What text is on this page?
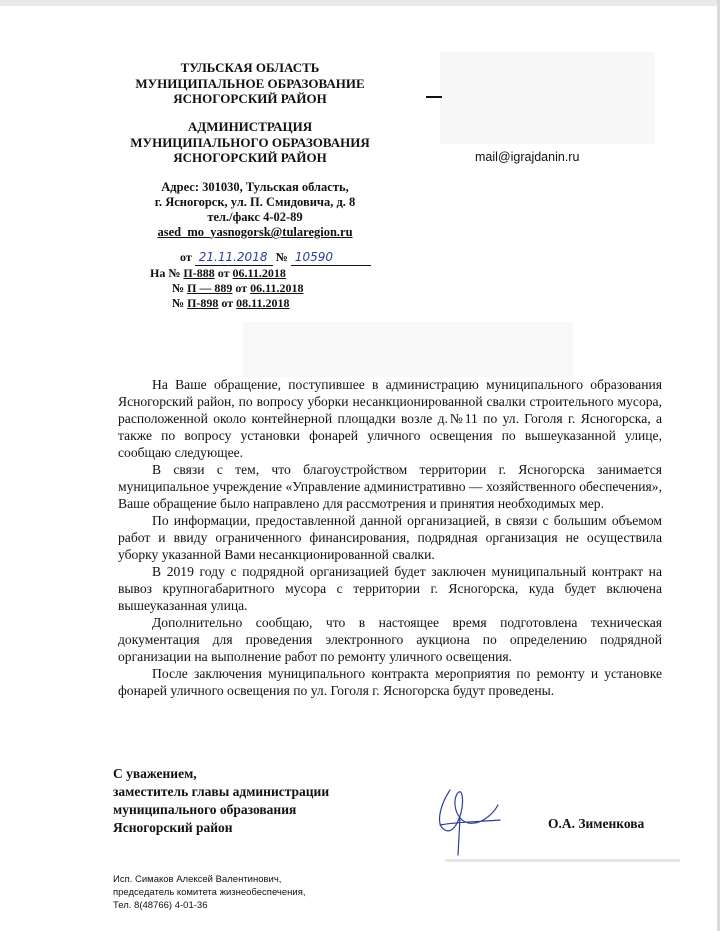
ТУЛЬСКАЯ ОБЛАСТЬ
МУНИЦИПАЛЬНОЕ ОБРАЗОВАНИЕ
ЯСНОГОРСКИЙ РАЙОН
АДМИНИСТРАЦИЯ
МУНИЦИПАЛЬНОГО ОБРАЗОВАНИЯ
ЯСНОГОРСКИЙ РАЙОН	mail@igrajdanin.ru
Адрес: 301030, Тульская область,
г. Ясногорск, ул. П. Смидовича, д. 8
тел./факс 4-02-89
ased_mo_yasnogorsk@tularegion.ru
от 21.11.2018 № 10590
На № П-888 от 06.11.2018
№ П — 889 от 06.11.2018
№ П-898 от 08.11.2018

На Ваше обращение, поступившее в администрацию муниципального образования Ясногорский район, по вопросу уборки несанкционированной свалки строительного мусора, расположенной около контейнерной площадки возле д.№11 по ул. Гоголя г. Ясногорска, а также по вопросу установки фонарей уличного освещения по вышеуказанной улице, сообщаю следующее.

В связи с тем, что благоустройством территории г. Ясногорска занимается муниципальное учреждение «Управление административно — хозяйственного обеспечения», Ваше обращение было направлено для рассмотрения и принятия необходимых мер.

По информации, предоставленной данной организацией, в связи с большим объемом работ и ввиду ограниченного финансирования, подрядная организация не осуществила уборку указанной Вами несанкционированной свалки.

В 2019 году с подрядной организацией будет заключен муниципальный контракт на вывоз крупногабаритного мусора с территории г. Ясногорска, куда будет включена вышеуказанная улица.

Дополнительно сообщаю, что в настоящее время подготовлена техническая документация для проведения электронного аукциона по определению подрядной организации на выполнение работ по ремонту уличного освещения.

После заключения муниципального контракта мероприятия по ремонту и установке фонарей уличного освещения по ул. Гоголя г. Ясногорска будут проведены.

С уважением,
заместитель главы администрации
муниципального образования
Ясногорский район	О.А. Зименкова
Исп. Симаков Алексей Валентинович,
председатель комитета жизнеобеспечения,
Тел. 8(48766) 4-01-36
